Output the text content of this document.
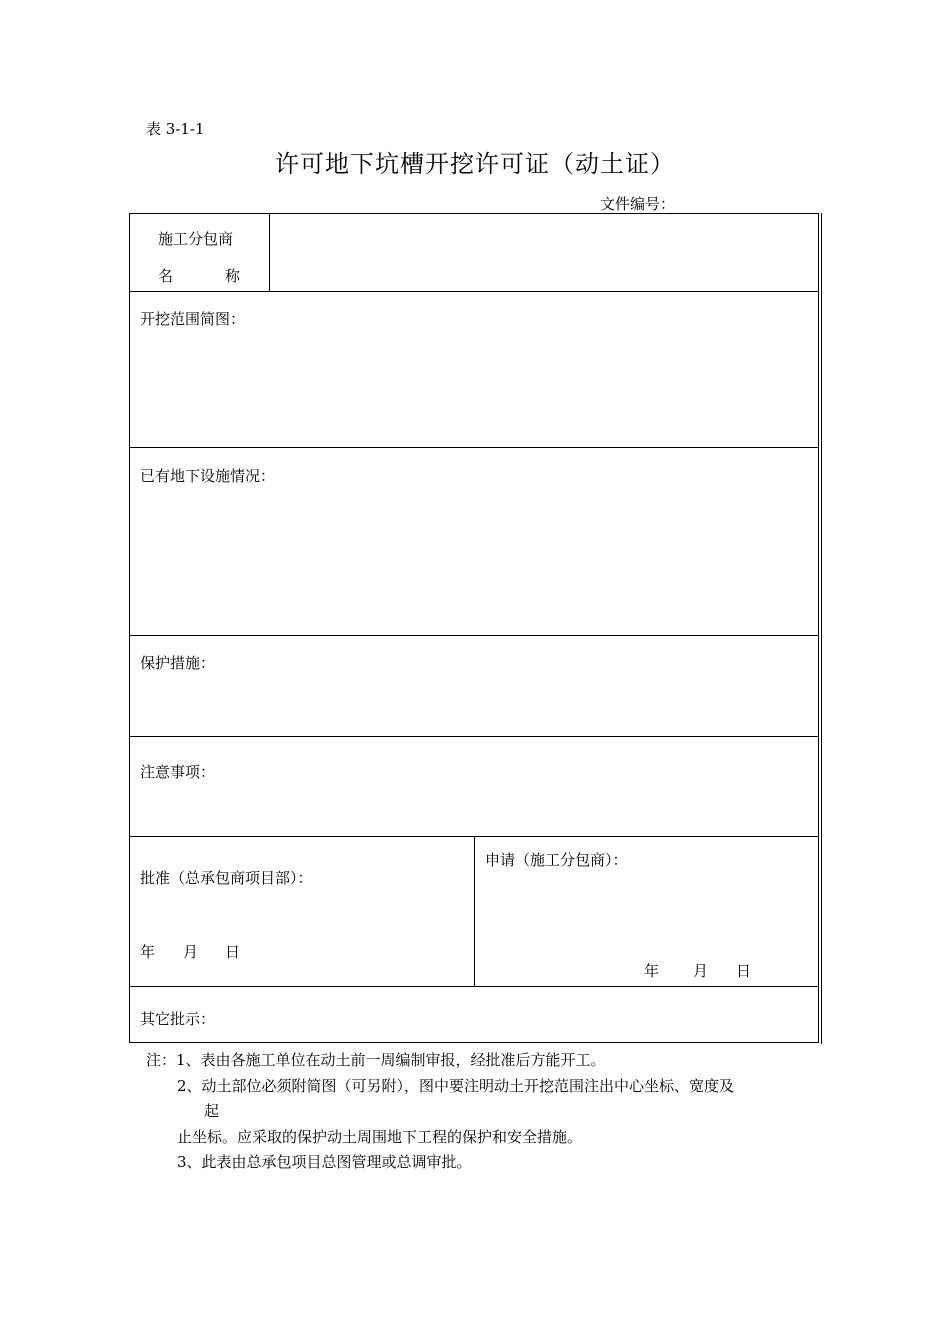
表 3-1-1
许可地下坑槽开挖许可证（动土证）
文件编号：
施工分包商
名	称
开挖范围简图：
已有地下设施情况：
保护措施：
注意事项：
批准（总承包商项目部）：
年 月 日
申请（施工分包商）：
年 月 日
其它批示：
注：1、表由各施工单位在动土前一周编制审报，经批准后方能开工。
2、动土部位必须附简图（可另附），图中要注明动土开挖范围注出中心坐标、宽度及
起
止坐标。应采取的保护动土周围地下工程的保护和安全措施。
3、此表由总承包项目总图管理或总调审批。
